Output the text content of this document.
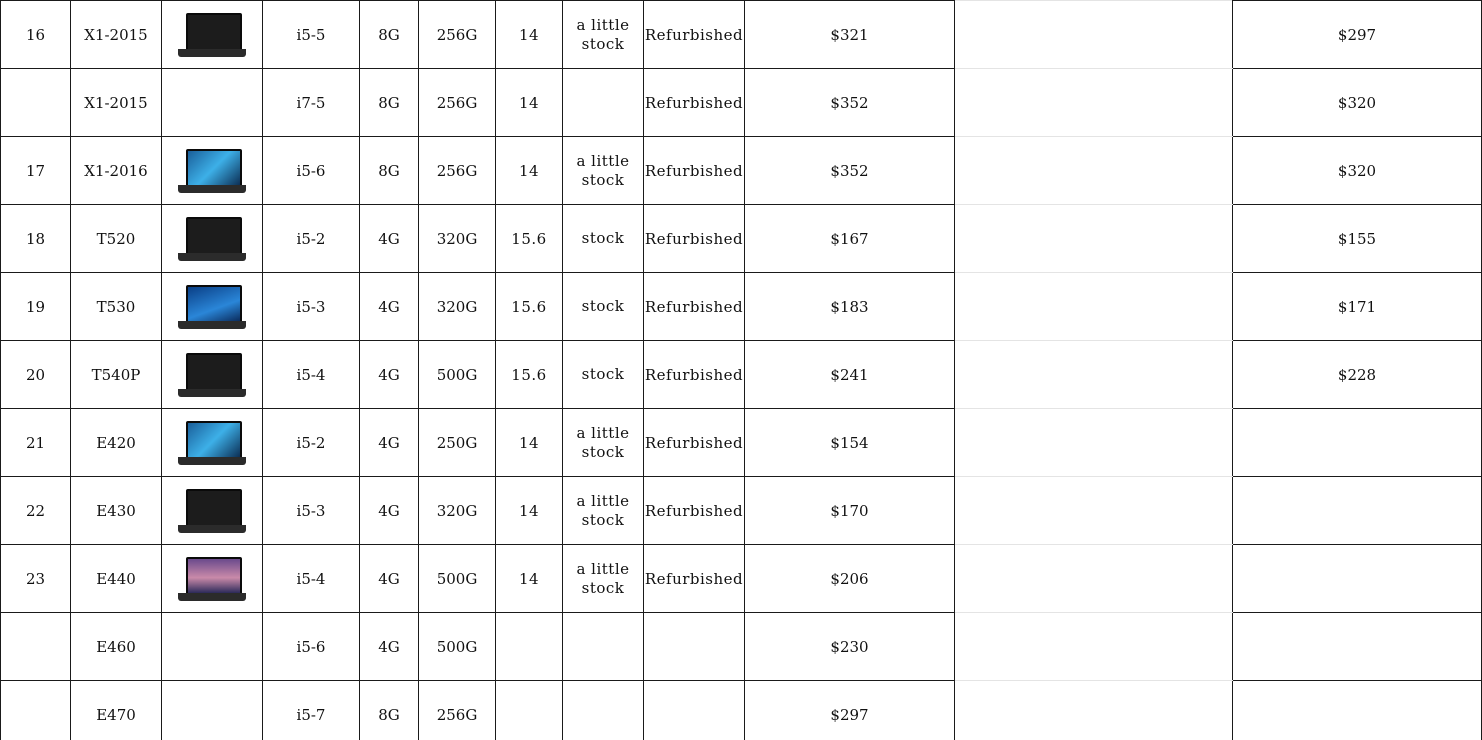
16	X1-2015		i5-5	8G	256G	14	a little stock	Refurbished	$321		$297
	X1-2015		i7-5	8G	256G	14		Refurbished	$352		$320
17	X1-2016		i5-6	8G	256G	14	a little stock	Refurbished	$352		$320
18	T520		i5-2	4G	320G	15.6	stock	Refurbished	$167		$155
19	T530		i5-3	4G	320G	15.6	stock	Refurbished	$183		$171
20	T540P		i5-4	4G	500G	15.6	stock	Refurbished	$241		$228
21	E420		i5-2	4G	250G	14	a little stock	Refurbished	$154		
22	E430		i5-3	4G	320G	14	a little stock	Refurbished	$170		
23	E440		i5-4	4G	500G	14	a little stock	Refurbished	$206		
	E460		i5-6	4G	500G				$230		
	E470		i5-7	8G	256G				$297		
